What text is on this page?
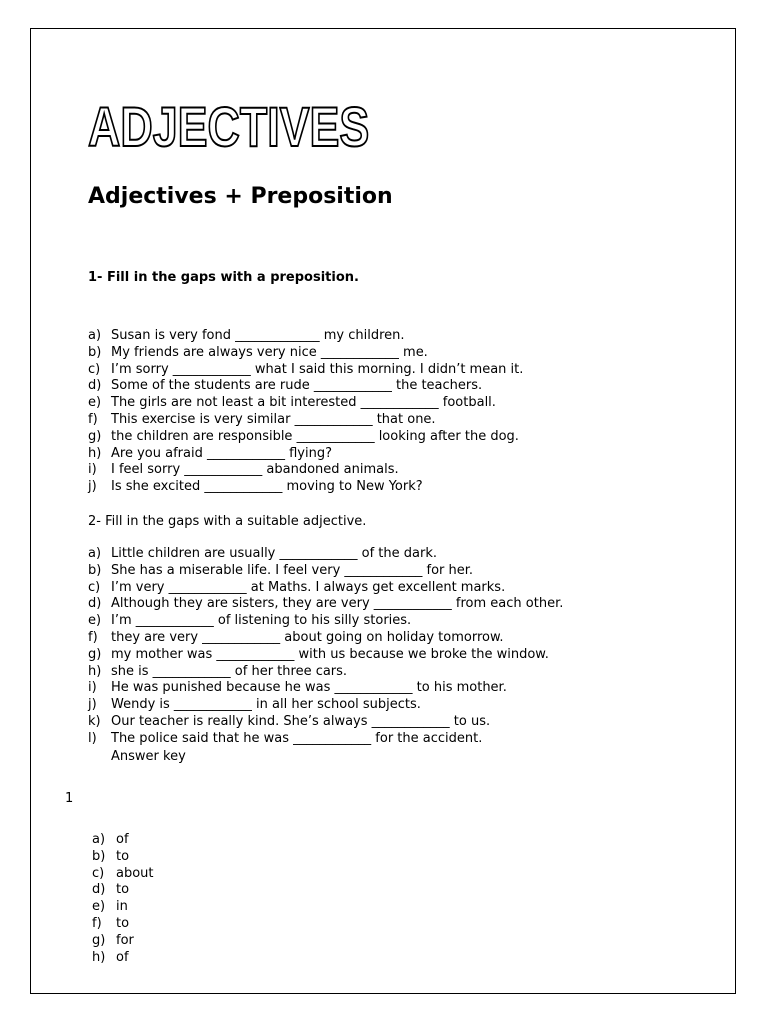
ADJECTIVES
Adjectives + Preposition

1- Fill in the gaps with a preposition.

a) Susan is very fond _____________ my children.
b) My friends are always very nice ____________ me.
c) I’m sorry ____________ what I said this morning. I didn’t mean it.
d) Some of the students are rude ____________ the teachers.
e) The girls are not least a bit interested ____________ football.
f) This exercise is very similar ____________ that one.
g) the children are responsible ____________ looking after the dog.
h) Are you afraid ____________ flying?
i) I feel sorry ____________ abandoned animals.
j) Is she excited ____________ moving to New York?

2- Fill in the gaps with a suitable adjective.

a) Little children are usually ____________ of the dark.
b) She has a miserable life. I feel very ____________ for her.
c) I’m very ____________ at Maths. I always get excellent marks.
d) Although they are sisters, they are very ____________ from each other.
e) I’m ____________ of listening to his silly stories.
f) they are very ____________ about going on holiday tomorrow.
g) my mother was ____________ with us because we broke the window.
h) she is ____________ of her three cars.
i) He was punished because he was ____________ to his mother.
j) Wendy is ____________ in all her school subjects.
k) Our teacher is really kind. She’s always ____________ to us.
l) The police said that he was ____________ for the accident.

Answer key

1

a) of
b) to
c) about
d) to
e) in
f) to
g) for
h) of
